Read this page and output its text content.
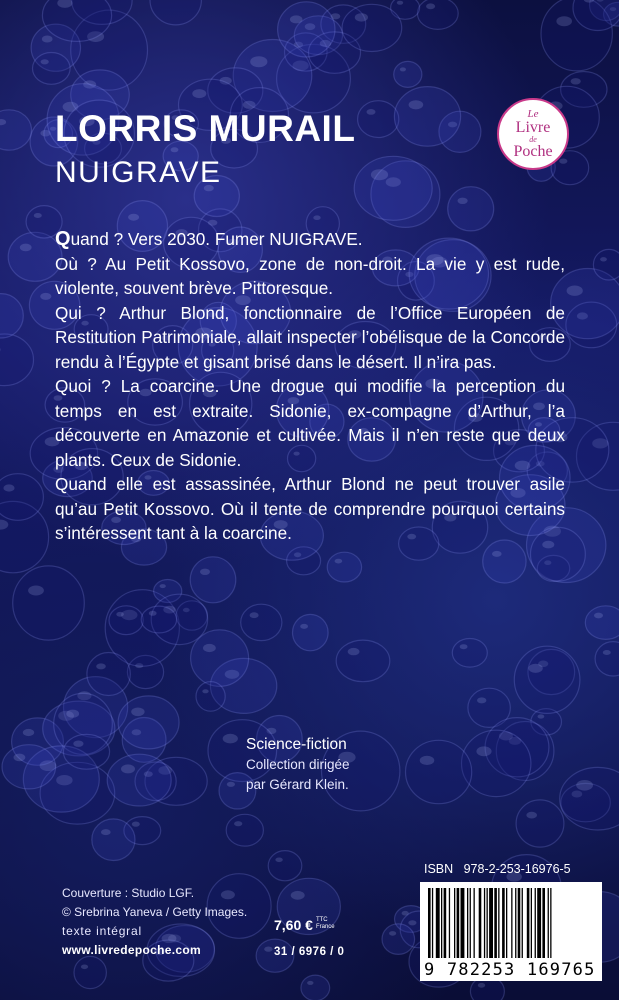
LORRIS MURAIL
NUIGRAVE
Le
Livre
de
Poche

Quand ? Vers 2030. Fumer NUIGRAVE.

Où ? Au Petit Kossovo, zone de non-droit. La vie y est rude, violente, souvent brève. Pittoresque.

Qui ? Arthur Blond, fonctionnaire de l’Office Européen de Restitution Patrimoniale, allait inspecter l’obélisque de la Concorde rendu à l’Égypte et gisant brisé dans le désert. Il n’ira pas.

Quoi ? La coarcine. Une drogue qui modifie la perception du temps en est extraite. Sidonie, ex-compagne d’Arthur, l’a découverte en Amazonie et cultivée. Mais il n’en reste que deux plants. Ceux de Sidonie.

Quand elle est assassinée, Arthur Blond ne peut trouver asile qu’au Petit Kossovo. Où il tente de comprendre pourquoi certains s’intéressent tant à la coarcine.

Science-fiction
Collection dirigée
par Gérard Klein.
Couverture : Studio LGF.
© Srebrina Yaneva / Getty Images.
texte intégral
www.livredepoche.com
7,60 € TTC
France
31 / 6976 / 0
ISBN 978-2-253-16976-5
9 782253 169765
